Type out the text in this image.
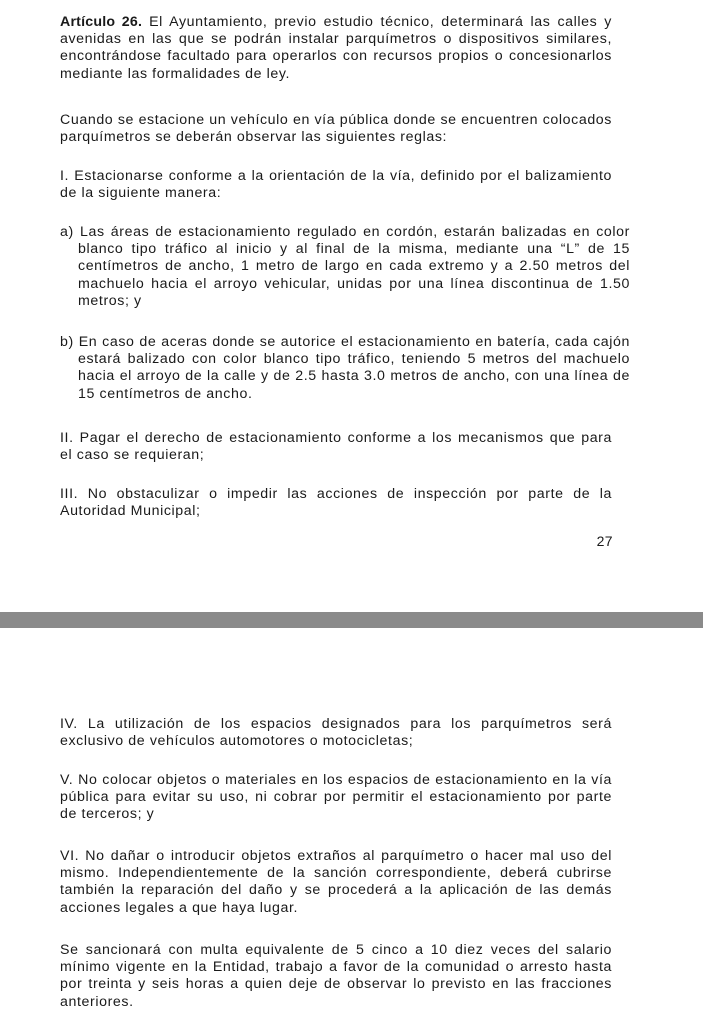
Artículo 26. El Ayuntamiento, previo estudio técnico, determinará las calles y avenidas en las que se podrán instalar parquímetros o dispositivos similares, encontrándose facultado para operarlos con recursos propios o concesionarlos mediante las formalidades de ley.

Cuando se estacione un vehículo en vía pública donde se encuentren colocados parquímetros se deberán observar las siguientes reglas:

I. Estacionarse conforme a la orientación de la vía, definido por el balizamiento de la siguiente manera:

a) Las áreas de estacionamiento regulado en cordón, estarán balizadas en color blanco tipo tráfico al inicio y al final de la misma, mediante una “L” de 15 centímetros de ancho, 1 metro de largo en cada extremo y a 2.50 metros del machuelo hacia el arroyo vehicular, unidas por una línea discontinua de 1.50 metros; y

b) En caso de aceras donde se autorice el estacionamiento en batería, cada cajón estará balizado con color blanco tipo tráfico, teniendo 5 metros del machuelo hacia el arroyo de la calle y de 2.5 hasta 3.0 metros de ancho, con una línea de 15 centímetros de ancho.

II. Pagar el derecho de estacionamiento conforme a los mecanismos que para el caso se requieran;

III. No obstaculizar o impedir las acciones de inspección por parte de la Autoridad Municipal;

27

IV. La utilización de los espacios designados para los parquímetros será exclusivo de vehículos automotores o motocicletas;

V. No colocar objetos o materiales en los espacios de estacionamiento en la vía pública para evitar su uso, ni cobrar por permitir el estacionamiento por parte de terceros; y

VI. No dañar o introducir objetos extraños al parquímetro o hacer mal uso del mismo. Independientemente de la sanción correspondiente, deberá cubrirse también la reparación del daño y se procederá a la aplicación de las demás acciones legales a que haya lugar.

Se sancionará con multa equivalente de 5 cinco a 10 diez veces del salario mínimo vigente en la Entidad, trabajo a favor de la comunidad o arresto hasta por treinta y seis horas a quien deje de observar lo previsto en las fracciones anteriores.
